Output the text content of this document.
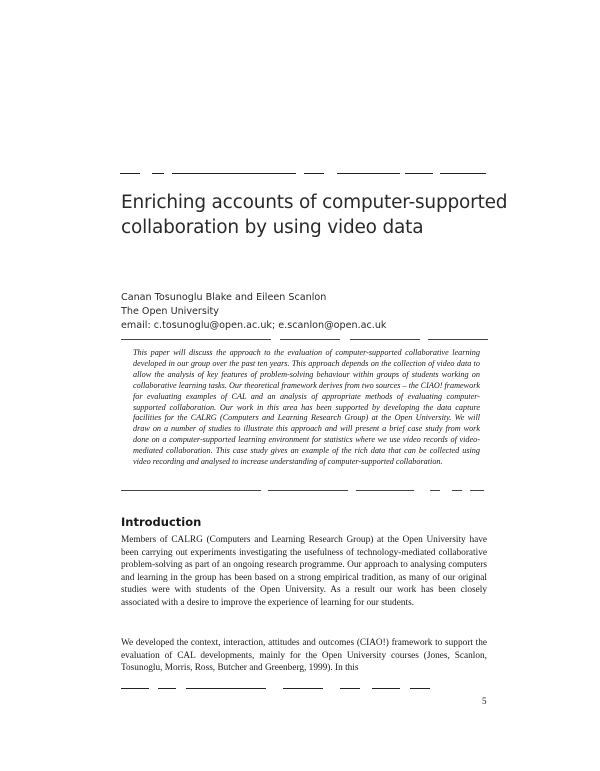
Enriching accounts of computer-supported collaboration by using video data
Canan Tosunoglu Blake and Eileen Scanlon
The Open University
email: c.tosunoglu@open.ac.uk; e.scanlon@open.ac.uk

This paper will discuss the approach to the evaluation of computer-supported collaborative learning developed in our group over the past ten years. This approach depends on the collection of video data to allow the analysis of key features of problem-solving behaviour within groups of students working on collaborative learning tasks. Our theoretical framework derives from two sources – the CIAO! framework for evaluating examples of CAL and an analysis of appropriate methods of evaluating computer-supported collaboration. Our work in this area has been supported by developing the data capture facilities for the CALRG (Computers and Learning Research Group) at the Open University. We will draw on a number of studies to illustrate this approach and will present a brief case study from work done on a computer-supported learning environment for statistics where we use video records of video-mediated collaboration. This case study gives an example of the rich data that can be collected using video recording and analysed to increase understanding of computer-supported collaboration.

Introduction

Members of CALRG (Computers and Learning Research Group) at the Open University have been carrying out experiments investigating the usefulness of technology-mediated collaborative problem-solving as part of an ongoing research programme. Our approach to analysing computers and learning in the group has been based on a strong empirical tradition, as many of our original studies were with students of the Open University. As a result our work has been closely associated with a desire to improve the experience of learning for our students.

We developed the context, interaction, attitudes and outcomes (CIAO!) framework to support the evaluation of CAL developments, mainly for the Open University courses (Jones, Scanlon, Tosunoglu, Morris, Ross, Butcher and Greenberg, 1999). In this

5
